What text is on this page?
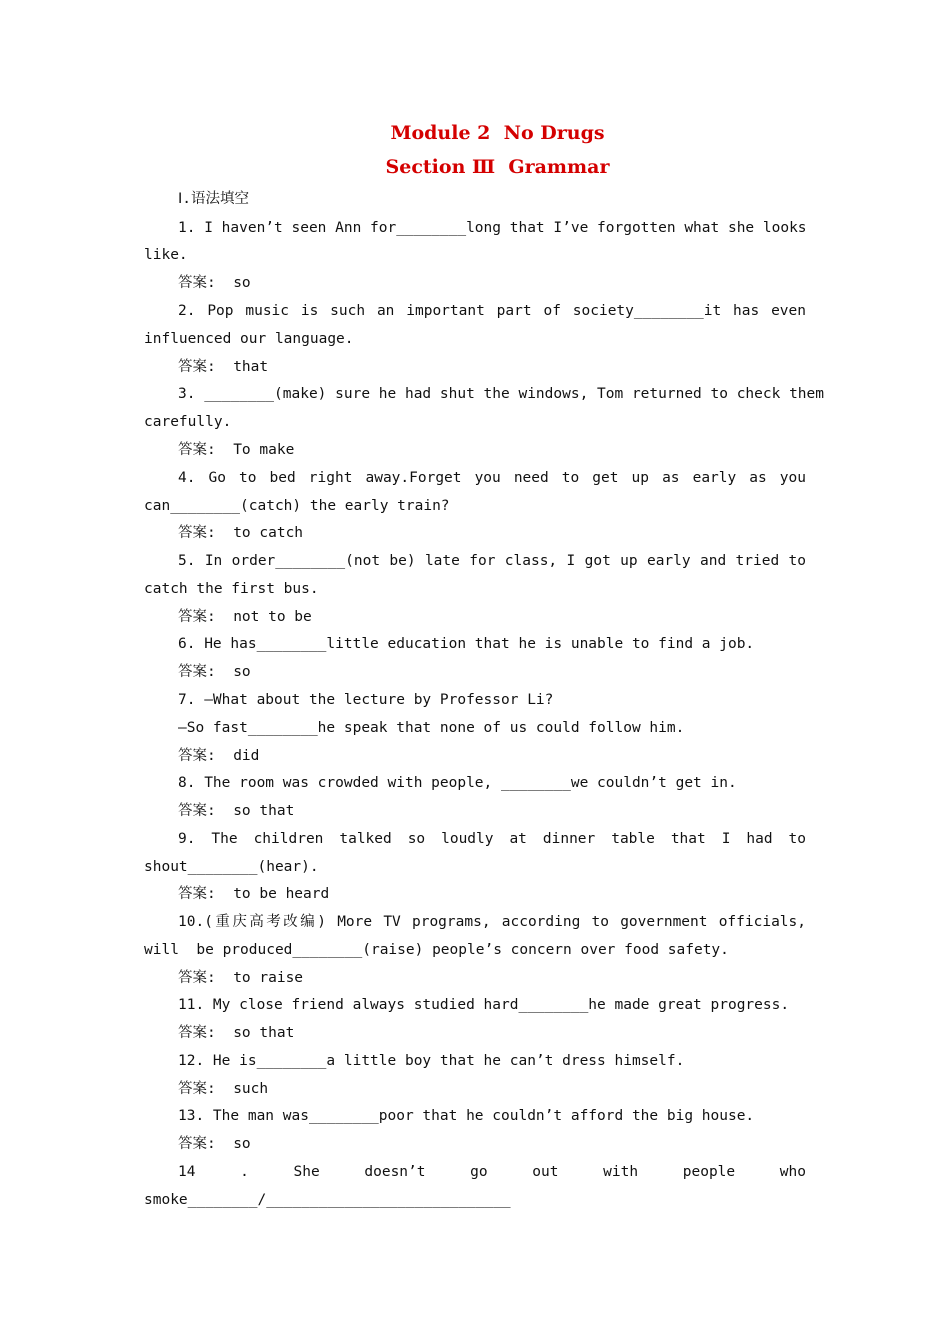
Module 2  No Drugs
Section Ⅲ  Grammar
Ⅰ.语法填空
1. I haven’t seen Ann for________long that I’ve forgotten what she looks
like.
答案:  so
2. Pop music is such an important part of society________it has even
influenced our language.
答案:  that
3. ________(make) sure he had shut the windows, Tom returned to check them
carefully.
答案:  To make
4. Go to bed right away.Forget you need to get up as early as you
can________(catch) the early train?
答案:  to catch
5. In order________(not be) late for class, I got up early and tried to
catch the first bus.
答案:  not to be
6. He has________little education that he is unable to find a job.
答案:  so
7. —What about the lecture by Professor Li?
—So fast________he speak that none of us could follow him.
答案:  did
8. The room was crowded with people, ________we couldn’t get in.
答案:  so that
9. The children talked so loudly at dinner table that I had to
shout________(hear).
答案:  to be heard
10.(重庆高考改编) More TV programs, according to government officials,
will  be produced________(raise) people’s concern over food safety.
答案:  to raise
11. My close friend always studied hard________he made great progress.
答案:  so that
12. He is________a little boy that he can’t dress himself.
答案:  such
13. The man was________poor that he couldn’t afford the big house.
答案:  so
14 . She doesn’t go out with people who
smoke________/____________________________
